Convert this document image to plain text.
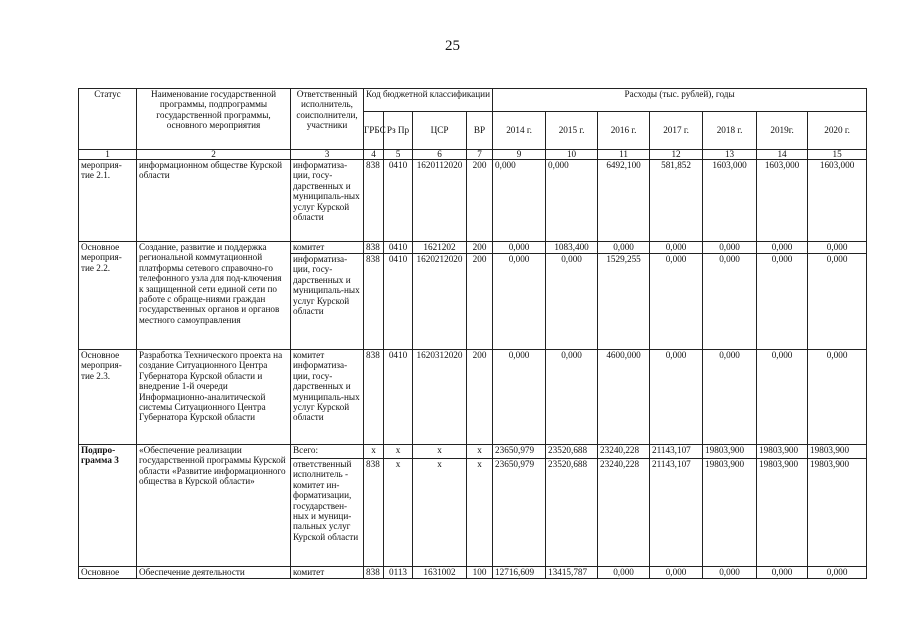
25
Статус	Наименование государственной программы, подпрограммы государственной программы, основного мероприятия	Ответственный исполнитель, соисполнители, участники	Код бюджетной классификации				Расходы (тыс. рублей), годы						
			ГРБС	Рз Пр	ЦСР	ВР	2014 г.	2015 г.	2016 г.	2017 г.	2018 г.	2019г.	2020 г.
1	2	3	4	5	6	7	9	10	11	12	13	14	15
мероприя-тие 2.1.	информационном обществе Курской области	информатиза-ции, госу-дарственных и муниципаль-ных услуг Курской области	838	0410	1620112020	200	0,000	0,000	6492,100	581,852	1603,000	1603,000	1603,000
Основное мероприя-тие 2.2.	Создание, развитие и поддержка региональной коммутационной платформы сетевого справочно-го телефонного узла для под-ключения к защищенной сети единой сети по работе с обраще-ниями граждан государственных органов и органов местного самоуправления	комитет	838	0410	1621202	200	0,000	1083,400	0,000	0,000	0,000	0,000	0,000
		информатиза-ции, госу-дарственных и муниципаль-ных услуг Курской области	838	0410	1620212020	200	0,000	0,000	1529,255	0,000	0,000	0,000	0,000
Основное мероприя-тие 2.3.	Разработка Технического проекта на создание Ситуационного Центра Губернатора Курской области и внедрение 1-й очереди Информационно-аналитической системы Ситуационного Центра Губернатора Курской области	комитет информатиза-ции, госу-дарственных и муниципаль-ных услуг Курской области	838	0410	1620312020	200	0,000	0,000	4600,000	0,000	0,000	0,000	0,000
Подпро-грамма 3	«Обеспечение реализации государственной программы Курской области «Развитие информационного общества в Курской области»	Всего:	х	х	х	х	23650,979	23520,688	23240,228	21143,107	19803,900	19803,900	19803,900
		ответственный исполнитель - комитет ин-форматизации, государствен-ных и муници-пальных услуг Курской области	838	х	х	х	23650,979	23520,688	23240,228	21143,107	19803,900	19803,900	19803,900
Основное	Обеспечение деятельности	комитет	838	0113	1631002	100	12716,609	13415,787	0,000	0,000	0,000	0,000	0,000
